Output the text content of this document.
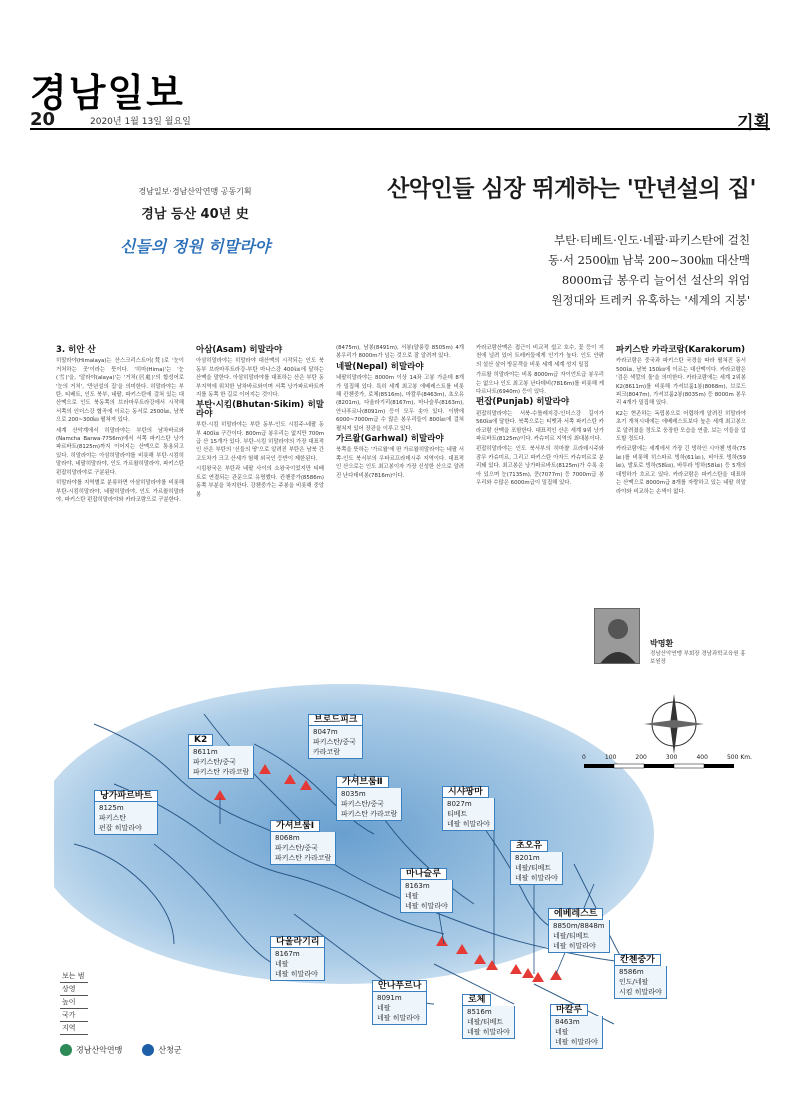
경남일보
20	2020년 1월 13일 월요일	기획
경남일보·경남산악연맹 공동기획
경남 등산 40년 史
신들의 정원 히말라야
산악인들 심장 뛰게하는 '만년설의 집'
부탄·티베트·인도·네팔·파키스탄에 걸친
동·서 2500㎞ 남북 200~300㎞ 대산맥
8000m급 봉우리 늘어선 설산의 위엄
원정대와 트레커 유혹하는 '세계의 지붕'
3. 히안 산

히말라야(Himalaya)는 산스크리스트어(梵)로 '눈이 거처하는 곳'이라는 뜻이다. '히마(Hima)'는 '눈(雪)'을, '알라야(alaya)'는 '거처(居處)'의 합성어로 '눈의 거처', '만년설의 집'을 의미한다. 히말라야는 부탄, 티베트, 인도 북부, 네팔, 파키스탄에 걸쳐 있는 대산맥으로 인도 북동쪽의 브라마푸트라강에서 시작해 서쪽의 인더스강 협곡에 이르는 동서로 2500㎞, 남북으로 200~300㎞ 펼쳐져 있다.

세계 산악계에서 히말라야는 부탄의 남차바르와(Namcha Barwa·7756m)에서 서쪽 파키스탄 낭가파르바트(8125m)까지 이어지는 산맥으로 통용되고 있다. 히말라야는 아삼히말라야를 비롯해 부탄·시킴히말라야, 네팔히말라야, 인도 가르왈히말라야, 파키스탄 펀잡히말라야로 구분된다.

히말라야를 지역별로 분류하면 아삼히말라야를 비롯해 부탄-시킴히말라야, 네팔히말라야, 인도 가르왈히말라야, 파키스탄 펀잡히말라야와 카라코람으로 구분한다.

아삼(Asam) 히말라야

아삼히말라야는 히말라야 대산맥의 시작되는 인도 북동부 브라마푸트라강-부탄 마나스강 400㎞에 달하는 산맥을 말한다. 아삼히말라야를 대표하는 산은 부탄 동부지역에 위치한 남차바르와이며 서쪽 낭가파르바트까지를 동쪽 한 길로 이어지는 것이다.

부탄·시킴(Bhutan·Sikim) 히말라야

부탄·시킴 히말라야는 부탄 동부-인도 시킴주-네팔 동부 400㎞ 구간이다. 800m급 봉우리는 없지만 700m급 산 15개가 있다. 부탄-시킴 히말라야의 가장 대표적인 산은 부탄의 '신들의 땅'으로 알려진 부탄은 남북 간 고도차가 크고 산세가 험해 외국인 등반이 제한된다.

시킴왕국은 부탄과 네팔 사이의 소왕국이었지만 티베트로 연결되는 관문으로 유명했다. 칸첸중가(8586m) 동쪽 부분을 차지한다. 강첸중가는 주봉을 비롯해 중앙봉

(8475m), 남봉(8491m), 서봉(얄룽캉 8505m) 4개 봉우리가 8000m가 넘는 것으로 잘 알려져 있다.

네팔(Nepal) 히말라야

네팔히말라야는 8000m 이상 14좌 고봉 가운데 8개가 밀집해 있다. 특히 세계 최고봉 에베레스트를 비롯해 칸첸중가, 로체(8516m), 마칼루(8463m), 초오유(8201m), 다울라기리(8167m), 마나슬루(8163m), 안나푸르나(8091m) 등이 모두 솟아 있다. 이밖에 6000~7000m급 수 많은 봉우리들이 800㎞에 걸쳐 펼쳐져 있어 장관을 이루고 있다.

가르왈(Garhwal) 히말라야

북쪽을 뜻하는 '가르왈'에 딴 가르왈히말라야는 네팔 서쪽-인도 북서부의 우타르프라데시주 지역이다. 대표적인 산으로는 인도 최고봉이자 가장 신성한 산으로 알려진 난다데비봉(7816m)이다.

카라코람산맥은 접근이 비교적 쉽고 호수, 꽃 등이 지천에 널려 있어 트레커들에게 인기가 높다. 인도 안팎의 설산 살어 방문객을 비롯 세계 세계 성지 밀집

가르왈 히말라야는 비록 8000m급 자이언트급 봉우리는 없으나 인도 최고봉 난다데비(7816m)를 비롯해 케다르나트(6940m) 등이 있다.

펀잡(Punjab) 히말라야

펀잡히말라야는 서북-수틀레지강-인더스강 길이가 560㎞에 달한다. 북쪽으로는 티벳과 서쪽 파키스탄 카라코람 산맥을 포함한다. 대표적인 산은 세계 9위 낭가파르바트(8125m)이다. 카슈미르 지역의 최대봉이다.

펀잡히말라야는 인도 북서부의 히마챨 프라데시주와 잠무 카슈미르, 그리고 파키스탄 아자드 카슈미르로 분리돼 있다. 최고봉은 낭가파르바트(8125m)가 수록 솟아 있으며 눈(7135m), 쿤(7077m) 등 7000m급 봉우리와 수많은 6000m급이 밀집해 있다.

파키스탄 카라코람(Karakorum)

카라코람은 중국과 파키스탄 국경을 따라 펼쳐진 동서 500㎞, 남북 150㎞에 이르는 대산맥이다. 카라코람은 '검은 색깔의 돌'을 의미한다. 카라코람에는 세계 2위봉 K2(8611m)를 비롯해 가셔브룸1봉(8068m), 브로드피크(8047m), 가셔브룸2봉(8035m) 등 8000m 봉우리 4개가 밀집해 있다.

K2는 현존하는 독립봉으로 어렵하게 알려진 히말라야 초기 개척시대에는 에베레스트보다 높은 세계 최고봉으로 알려졌을 정도로 웅장한 모습을 연출, 보는 이들을 압도할 정도다.

카라코람에는 세계에서 가장 긴 빙하인 시아첸 빙하(75㎞)를 비롯해 히스파르 빙하(61㎞), 비아포 빙하(59㎞), 발토로 빙하(58㎞), 바투라 빙하(58㎞) 등 5개의 대빙하가 흐르고 있다. 카라코람은 파키스탄을 대표하는 산맥으로 8000m급 8개를 자랑하고 있는 네팔 히말라야와 비교하는 손색이 없다.

박명환
경남산악연맹 부회장 경남과학교육원 홍보원장
0	100	200	300	400	500 Km.
브로드피크
8047m
파키스탄/중국
카라코람
K2
8611m
파키스탄/중국
파키스탄 카라코람
가셔브룸Ⅱ
8035m
파키스탄/중국
파키스탄 카라코람
낭가파르바트
8125m
파키스탄
펀잡 히말라야	가셔브룸Ⅰ
8068m
파키스탄/중국
파키스탄 카라코람
시샤팡마
8027m
티베트
네팔 히말라야
초오유
8201m
네팔/티베트
네팔 히말라야
마나슬루
8163m
네팔
네팔 히말라야
에베레스트
8850m/8848m
네팔/티베트
네팔 히말라야
다울라기리
8167m
네팔
네팔 히말라야
칸첸중가
8586m
인도/네팔
시킴 히말라야
안나푸르나
8091m
네팔
네팔 히말라야
로체
8516m
네팔/티베트
네팔 히말라야
마칼루
8463m
네팔
네팔 히말라야
보는 범
상영
높이
국가
지역
경남산악연맹	산청군
